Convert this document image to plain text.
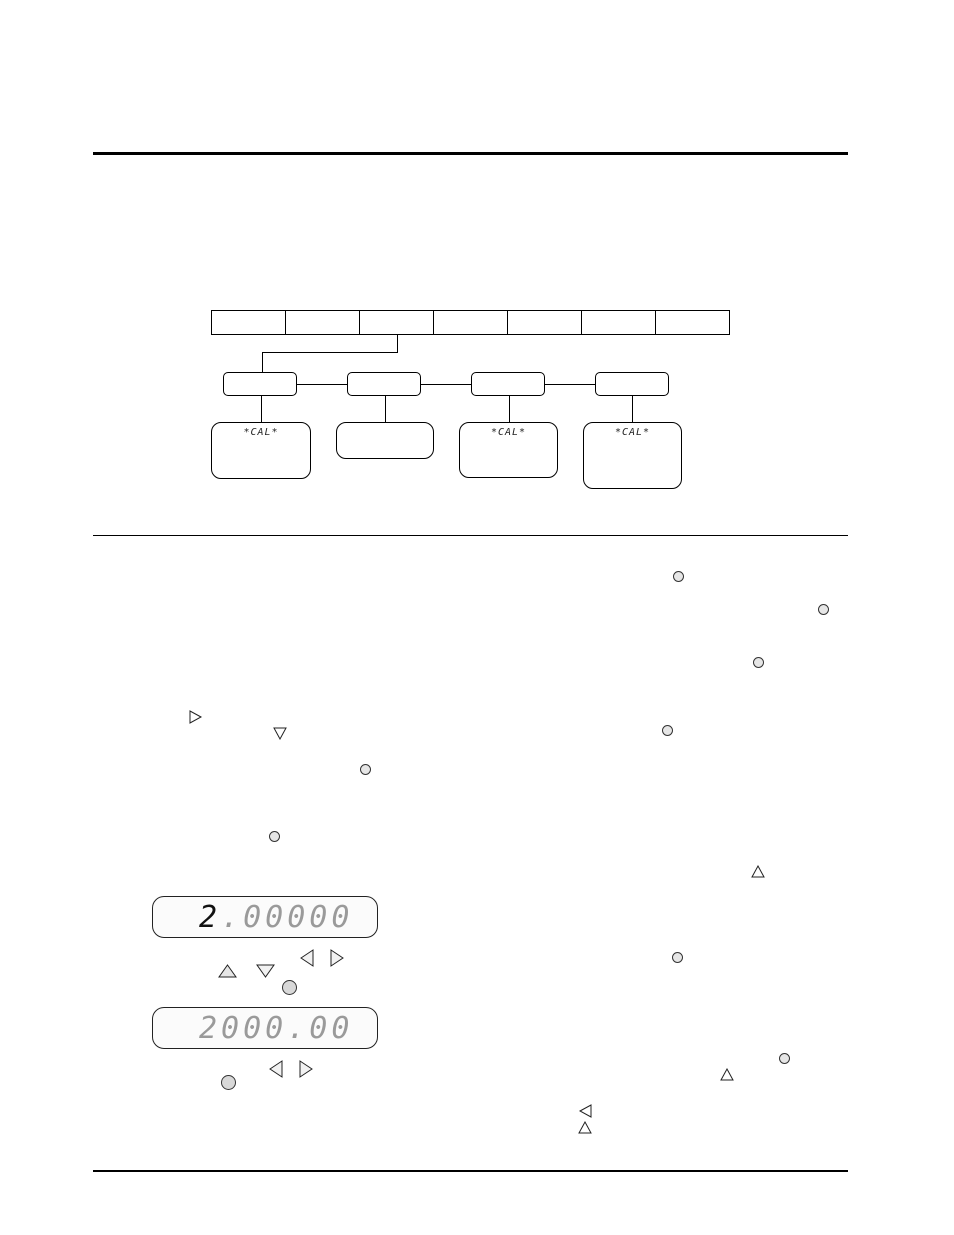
*CAL*	*CAL*	*CAL*
2.00000
2000.00
